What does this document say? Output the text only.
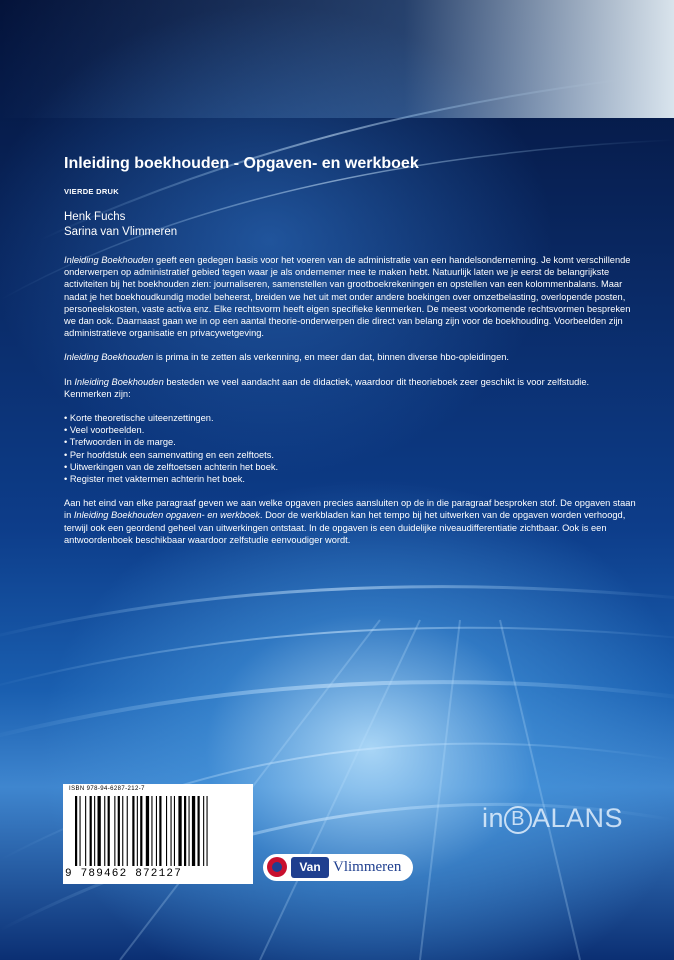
Inleiding boekhouden - Opgaven- en werkboek
VIERDE DRUK
Henk Fuchs
Sarina van Vlimmeren

Inleiding Boekhouden geeft een gedegen basis voor het voeren van de administratie van een handelsonderneming. Je komt verschillende onderwerpen op administratief gebied tegen waar je als ondernemer mee te maken hebt. Natuurlijk laten we je eerst de belangrijkste activiteiten bij het boekhouden zien: journaliseren, samenstellen van grootboekrekeningen en opstellen van een kolommenbalans. Maar nadat je het boekhoudkundig model beheerst, breiden we het uit met onder andere boekingen over omzetbelasting, overlopende posten, personeelskosten, vaste activa enz. Elke rechtsvorm heeft eigen specifieke kenmerken. De meest voorkomende rechtsvormen bespreken we dan ook. Daarnaast gaan we in op een aantal theorie-onderwerpen die direct van belang zijn voor de boekhouding. Voorbeelden zijn administratieve organisatie en privacywetgeving.

Inleiding Boekhouden is prima in te zetten als verkenning, en meer dan dat, binnen diverse hbo-opleidingen.

In Inleiding Boekhouden besteden we veel aandacht aan de didactiek, waardoor dit theorieboek zeer geschikt is voor zelfstudie. Kenmerken zijn:

• Korte theoretische uiteenzettingen.
• Veel voorbeelden.
• Trefwoorden in de marge.
• Per hoofdstuk een samenvatting en een zelftoets.
• Uitwerkingen van de zelftoetsen achterin het boek.
• Register met vaktermen achterin het boek.

Aan het eind van elke paragraaf geven we aan welke opgaven precies aansluiten op de in die paragraaf besproken stof. De opgaven staan in Inleiding Boekhouden opgaven- en werkboek. Door de werkbladen kan het tempo bij het uitwerken van de opgaven worden verhoogd, terwijl ook een geordend geheel van uitwerkingen ontstaat. In de opgaven is een duidelijke niveaudifferentiatie zichtbaar. Ook is een antwoordenboek beschikbaar waardoor zelfstudie eenvoudiger wordt.

ISBN 978-94-6287-212-7
9 789462 872127
in B ALANS
Van Vlimmeren
